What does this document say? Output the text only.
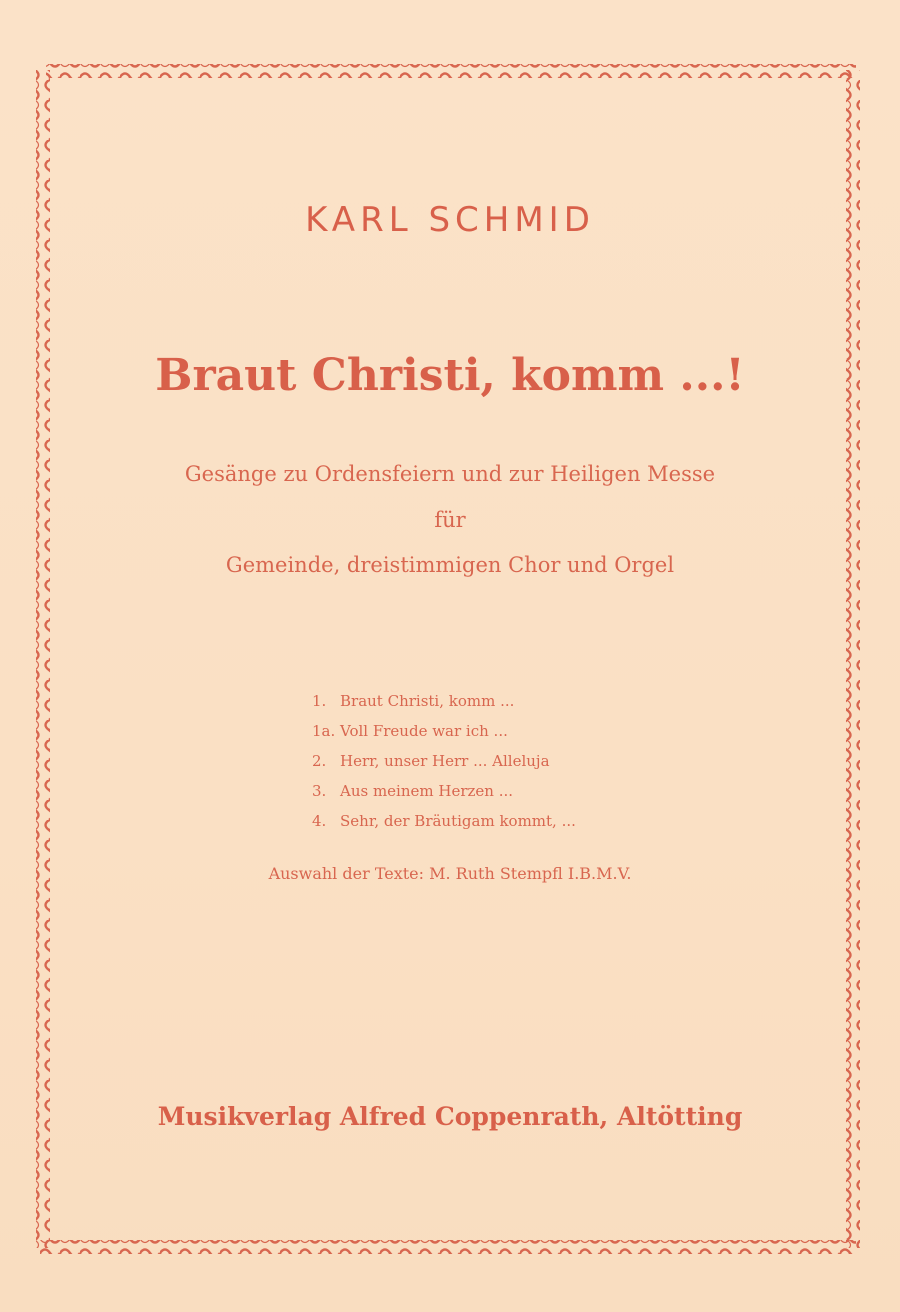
KARL SCHMID
Braut Christi, komm ...!
Gesänge zu Ordensfeiern und zur Heiligen Messe
für
Gemeinde, dreistimmigen Chor und Orgel
1. Braut Christi, komm ...
1a. Voll Freude war ich ...
2. Herr, unser Herr ... Alleluja
3. Aus meinem Herzen ...
4. Sehr, der Bräutigam kommt, ...
Auswahl der Texte: M. Ruth Stempfl I.B.M.V.
Musikverlag Alfred Coppenrath, Altötting
